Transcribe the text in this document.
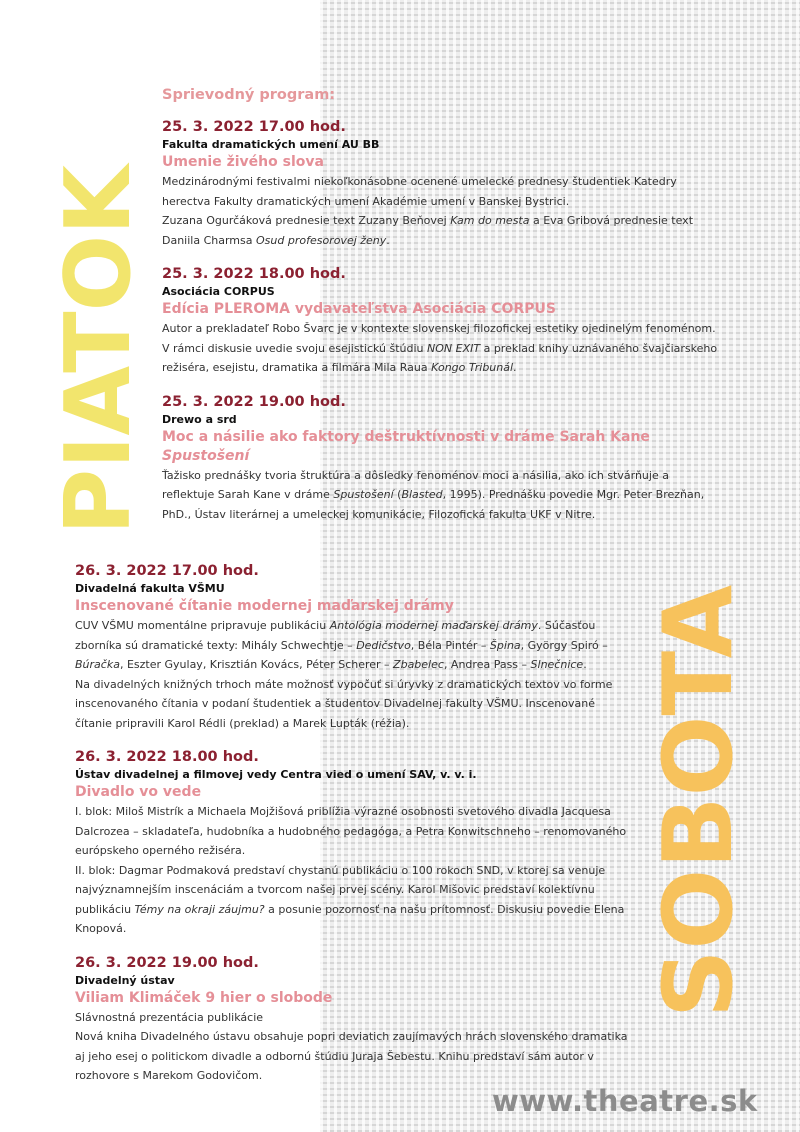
PIATOK
SOBOTA
Sprievodný program:
25. 3. 2022 17.00 hod.
Fakulta dramatických umení AU BB
Umenie živého slova

Medzinárodnými festivalmi niekoľkonásobne ocenené umelecké prednesy študentiek Katedry herectva Fakulty dramatických umení Akadémie umení v Banskej Bystrici.
Zuzana Ogurčáková prednesie text Zuzany Beňovej Kam do mesta a Eva Gribová prednesie text Daniila Charmsa Osud profesorovej ženy.

25. 3. 2022 18.00 hod.
Asociácia CORPUS
Edícia PLEROMA vydavateľstva Asociácia CORPUS

Autor a prekladateľ Robo Švarc je v kontexte slovenskej filozofickej estetiky ojedinelým fenoménom. V rámci diskusie uvedie svoju esejistickú štúdiu NON EXIT a preklad knihy uznávaného švajčiarskeho režiséra, esejistu, dramatika a filmára Mila Raua Kongo Tribunál.

25. 3. 2022 19.00 hod.
Drewo a srd
Moc a násilie ako faktory deštruktívnosti v dráme Sarah Kane
Spustošení

Ťažisko prednášky tvoria štruktúra a dôsledky fenoménov moci a násilia, ako ich stvárňuje a reflektuje Sarah Kane v dráme Spustošení (Blasted, 1995). Prednášku povedie Mgr. Peter Brezňan, PhD., Ústav literárnej a umeleckej komunikácie, Filozofická fakulta UKF v Nitre.

26. 3. 2022 17.00 hod.
Divadelná fakulta VŠMU
Inscenované čítanie modernej maďarskej drámy

CUV VŠMU momentálne pripravuje publikáciu Antológia modernej maďarskej drámy. Súčasťou zborníka sú dramatické texty: Mihály Schwechtje – Dedičstvo, Béla Pintér – Špina, György Spiró – Búračka, Eszter Gyulay, Krisztián Kovács, Péter Scherer – Zbabelec, Andrea Pass – Slnečnice.
Na divadelných knižných trhoch máte možnosť vypočuť si úryvky z dramatických textov vo forme inscenovaného čítania v podaní študentiek a študentov Divadelnej fakulty VŠMU. Inscenované čítanie pripravili Karol Rédli (preklad) a Marek Lupták (réžia).

26. 3. 2022 18.00 hod.
Ústav divadelnej a filmovej vedy Centra vied o umení SAV, v. v. i.
Divadlo vo vede

I. blok: Miloš Mistrík a Michaela Mojžišová priblížia výrazné osobnosti svetového divadla Jacquesa Dalcrozea – skladateľa, hudobníka a hudobného pedagóga, a Petra Konwitschneho – renomovaného európskeho operného režiséra.
II. blok: Dagmar Podmaková predstaví chystanú publikáciu o 100 rokoch SND, v ktorej sa venuje najvýznamnejším inscenáciám a tvorcom našej prvej scény. Karol Mišovic predstaví kolektívnu publikáciu Témy na okraji záujmu? a posunie pozornosť na našu prítomnosť. Diskusiu povedie Elena Knopová.

26. 3. 2022 19.00 hod.
Divadelný ústav
Viliam Klimáček 9 hier o slobode

Slávnostná prezentácia publikácie
Nová kniha Divadelného ústavu obsahuje popri deviatich zaujímavých hrách slovenského dramatika aj jeho esej o politickom divadle a odbornú štúdiu Juraja Šebestu. Knihu predstaví sám autor v rozhovore s Marekom Godovičom.

www.theatre.sk
